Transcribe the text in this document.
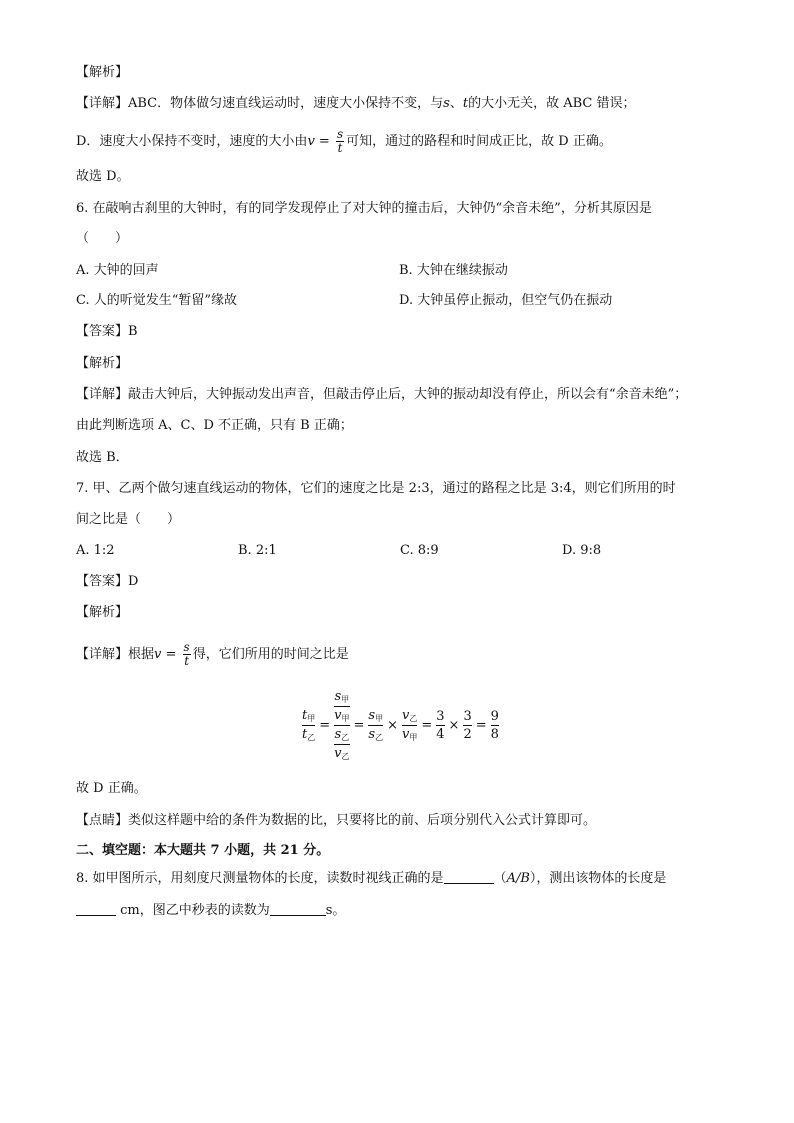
【解析】
【详解】ABC．物体做匀速直线运动时，速度大小保持不变，与s、t的大小无关，故 ABC 错误；
D．速度大小保持不变时，速度的大小由$v = \frac{s}{t}$ 可知，通过的路程和时间成正比，故 D 正确。
故选 D。
6. 在敲响古刹里的大钟时，有的同学发现停止了对大钟的撞击后，大钟仍“余音未绝”，分析其原因是
（　　）
A. 大钟的回声	B. 大钟在继续振动
C. 人的听觉发生“暂留”缘故	D. 大钟虽停止振动，但空气仍在振动
【答案】B
【解析】
【详解】敲击大钟后，大钟振动发出声音，但敲击停止后，大钟的振动却没有停止，所以会有“余音未绝”；
由此判断选项 A、C、D 不正确，只有 B 正确；
故选 B．
7. 甲、乙两个做匀速直线运动的物体，它们的速度之比是 2:3，通过的路程之比是 3:4，则它们所用的时
间之比是（　　）
A. 1:2	B. 2:1	C. 8:9	D. 9:8
【答案】D
【解析】
【详解】根据$v = \frac{s}{t}$ 得，它们所用的时间之比是
$t_甲$
$t_乙$
=
$s_甲$
$v_甲$
$s_乙$
$v_乙$
=
$s_甲$
$s_乙$
×
$v_乙$
$v_甲$
=
3
4
×
3
2
=
9
8
故 D 正确。
【点睛】类似这样题中给的条件为数据的比，只要将比的前、后项分别代入公式计算即可。
二、填空题：本大题共 7 小题，共 21 分。
8. 如甲图所示，用刻度尺测量物体的长度，读数时视线正确的是	（A/B），测出该物体的长度是
cm，图乙中秒表的读数为	s。
